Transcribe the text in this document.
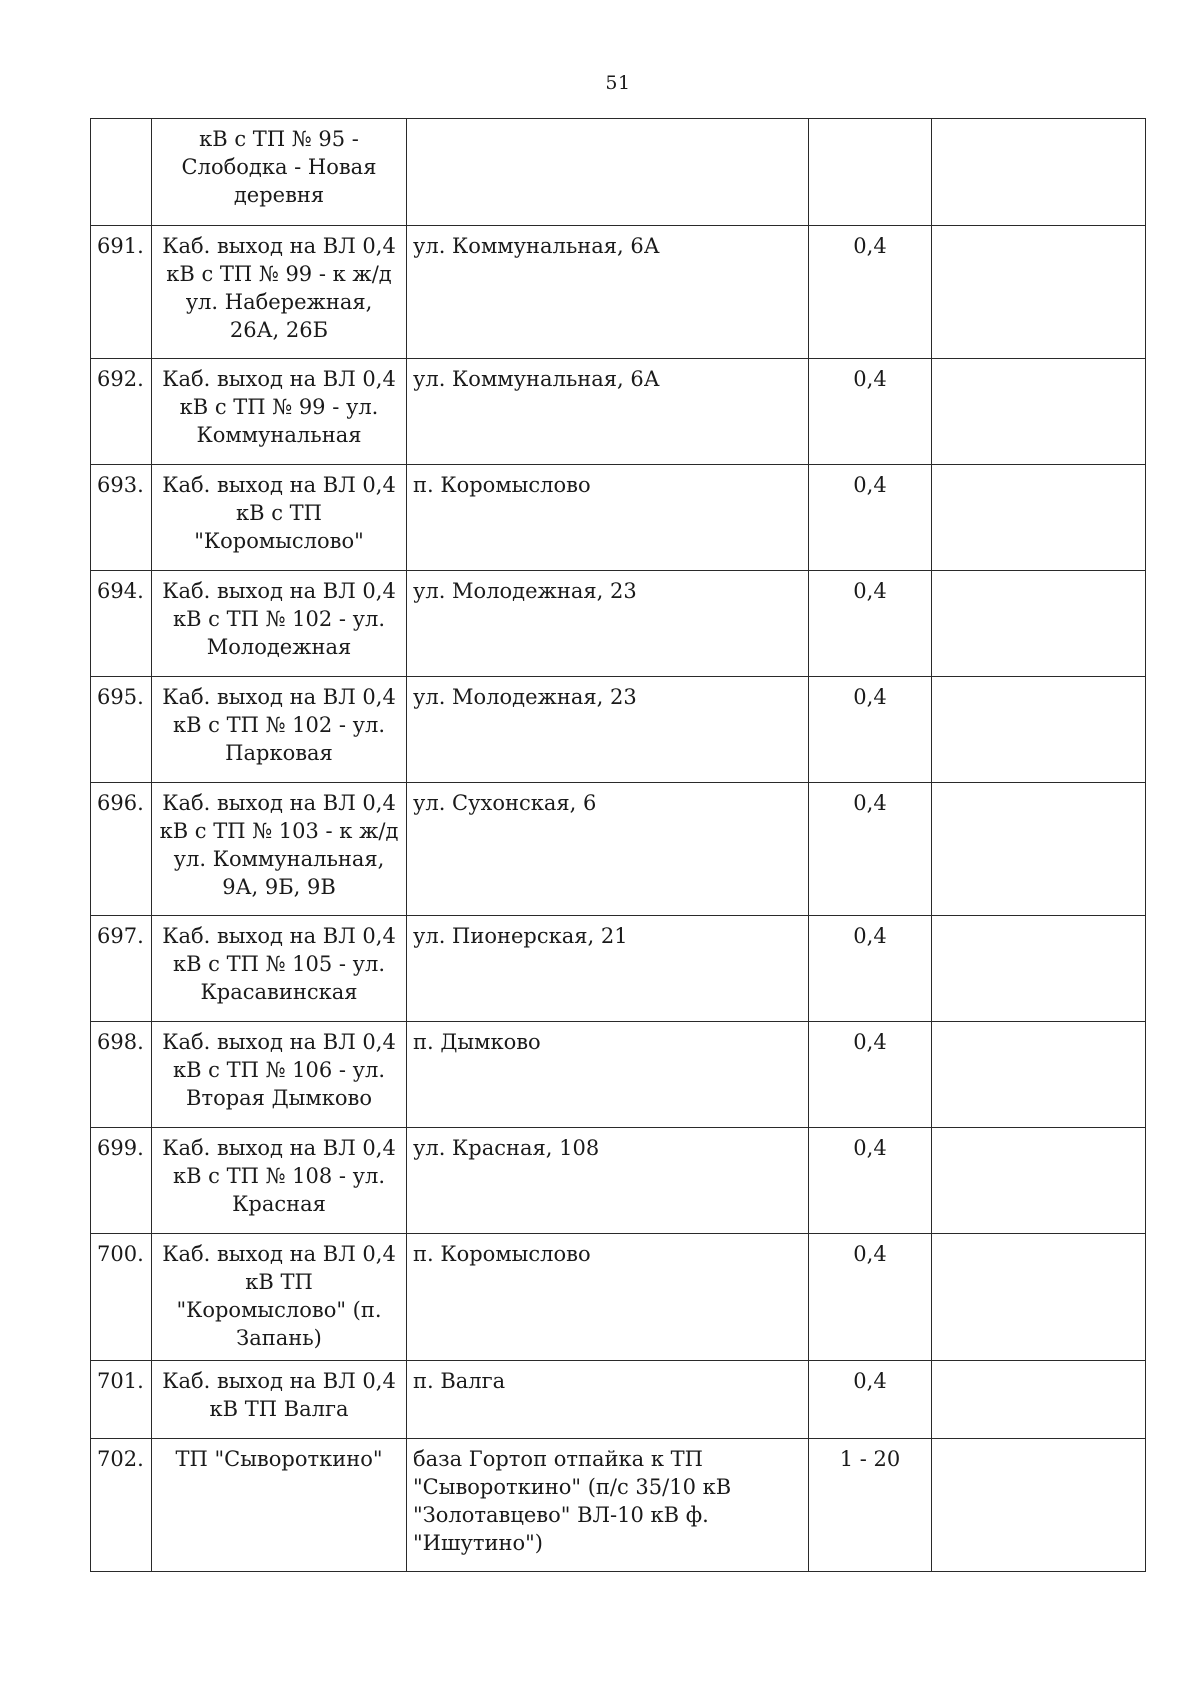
51
	кВ с ТП № 95 - Слободка - Новая деревня			
691.	Каб. выход на ВЛ 0,4 кВ с ТП № 99 - к ж/д ул. Набережная, 26А, 26Б	ул. Коммунальная, 6А	0,4	
692.	Каб. выход на ВЛ 0,4 кВ с ТП № 99 - ул. Коммунальная	ул. Коммунальная, 6А	0,4	
693.	Каб. выход на ВЛ 0,4 кВ с ТП "Коромыслово"	п. Коромыслово	0,4	
694.	Каб. выход на ВЛ 0,4 кВ с ТП № 102 - ул. Молодежная	ул. Молодежная, 23	0,4	
695.	Каб. выход на ВЛ 0,4 кВ с ТП № 102 - ул. Парковая	ул. Молодежная, 23	0,4	
696.	Каб. выход на ВЛ 0,4 кВ с ТП № 103 - к ж/д ул. Коммунальная, 9А, 9Б, 9В	ул. Сухонская, 6	0,4	
697.	Каб. выход на ВЛ 0,4 кВ с ТП № 105 - ул. Красавинская	ул. Пионерская, 21	0,4	
698.	Каб. выход на ВЛ 0,4 кВ с ТП № 106 - ул. Вторая Дымково	п. Дымково	0,4	
699.	Каб. выход на ВЛ 0,4 кВ с ТП № 108 - ул. Красная	ул. Красная, 108	0,4	
700.	Каб. выход на ВЛ 0,4 кВ ТП "Коромыслово" (п. Запань)	п. Коромыслово	0,4	
701.	Каб. выход на ВЛ 0,4 кВ ТП Валга	п. Валга	0,4	
702.	ТП "Сывороткино"	база Гортоп отпайка к ТП "Сывороткино" (п/с 35/10 кВ "Золотавцево" ВЛ-10 кВ ф. "Ишутино")	1 - 20	
